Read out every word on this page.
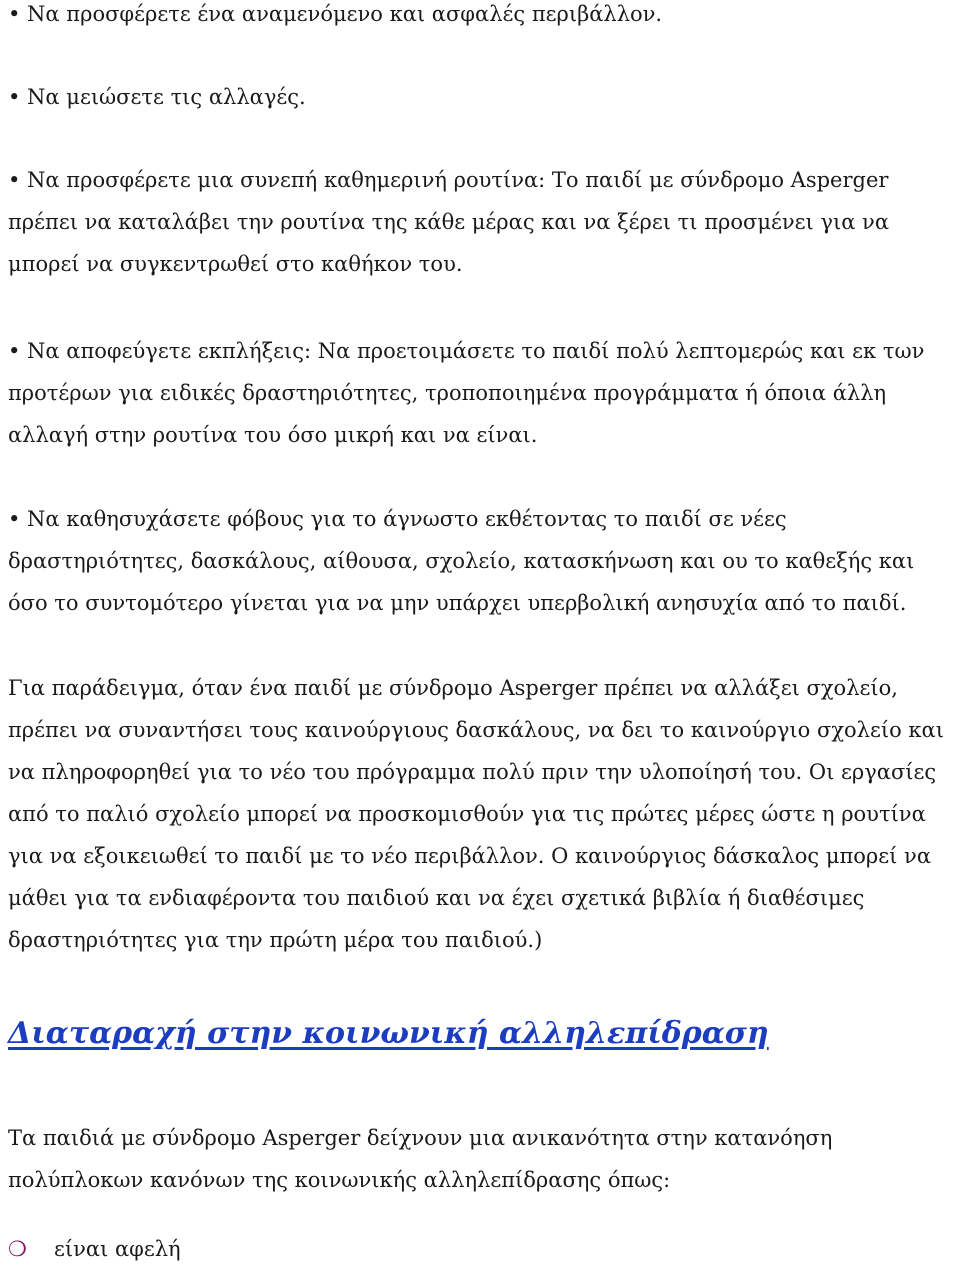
• Να προσφέρετε ένα αναμενόμενο και ασφαλές περιβάλλον.

• Να μειώσετε τις αλλαγές.

• Να προσφέρετε μια συνεπή καθημερινή ρουτίνα: Το παιδί με σύνδρομο Asperger πρέπει να καταλάβει την ρουτίνα της κάθε μέρας και να ξέρει τι προσμένει για να μπορεί να συγκεντρωθεί στο καθήκον του.

• Να αποφεύγετε εκπλήξεις: Να προετοιμάσετε το παιδί πολύ λεπτομερώς και εκ των προτέρων για ειδικές δραστηριότητες, τροποποιημένα προγράμματα ή όποια άλλη αλλαγή στην ρουτίνα του όσο μικρή και να είναι.

• Να καθησυχάσετε φόβους για το άγνωστο εκθέτοντας το παιδί σε νέες δραστηριότητες, δασκάλους, αίθουσα, σχολείο, κατασκήνωση και ου το καθεξής και όσο το συντομότερο γίνεται για να μην υπάρχει υπερβολική ανησυχία από το παιδί.

Για παράδειγμα, όταν ένα παιδί με σύνδρομο Asperger πρέπει να αλλάξει σχολείο, πρέπει να συναντήσει τους καινούργιους δασκάλους, να δει το καινούργιο σχολείο και να πληροφορηθεί για το νέο του πρόγραμμα πολύ πριν την υλοποίησή του. Οι εργασίες από το παλιό σχολείο μπορεί να προσκομισθούν για τις πρώτες μέρες ώστε η ρουτίνα για να εξοικειωθεί το παιδί με το νέο περιβάλλον. Ο καινούργιος δάσκαλος μπορεί να μάθει για τα ενδιαφέροντα του παιδιού και να έχει σχετικά βιβλία ή διαθέσιμες δραστηριότητες για την πρώτη μέρα του παιδιού.)

Διαταραχή στην κοινωνική αλληλεπίδραση

Τα παιδιά με σύνδρομο Asperger δείχνουν μια ανικανότητα στην κατανόηση πολύπλοκων κανόνων της κοινωνικής αλληλεπίδρασης όπως:

❍ είναι αφελή
